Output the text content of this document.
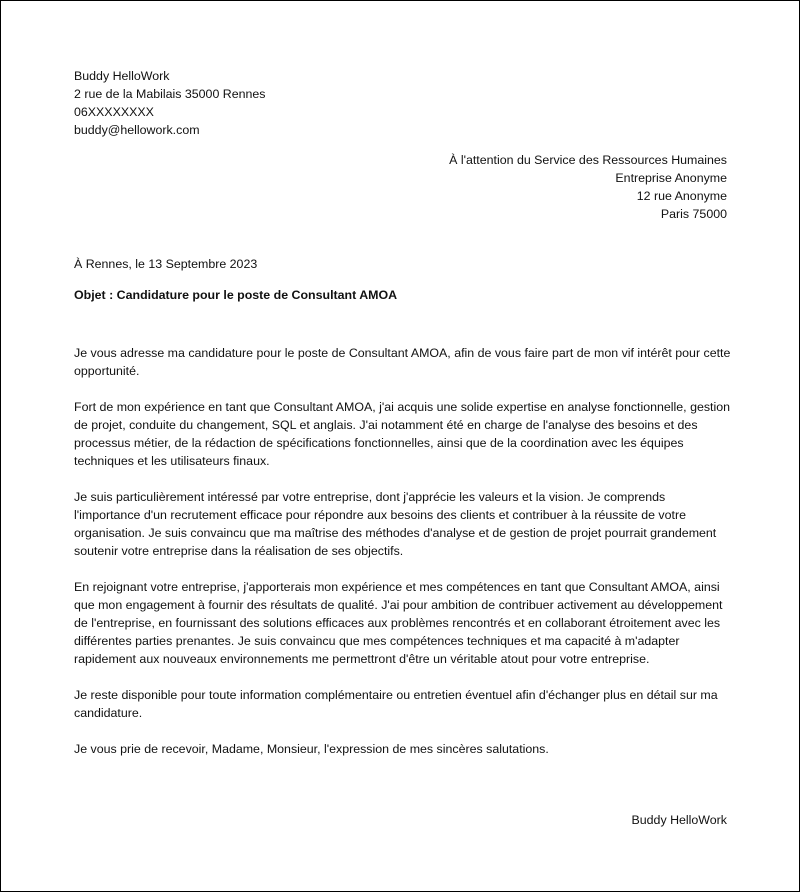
Buddy HelloWork
2 rue de la Mabilais 35000 Rennes
06XXXXXXXX
buddy@hellowork.com
À l'attention du Service des Ressources Humaines
Entreprise Anonyme
12 rue Anonyme
Paris 75000
À Rennes, le 13 Septembre 2023
Objet : Candidature pour le poste de Consultant AMOA

Je vous adresse ma candidature pour le poste de Consultant AMOA, afin de vous faire part de mon vif intérêt pour cette opportunité.

Fort de mon expérience en tant que Consultant AMOA, j'ai acquis une solide expertise en analyse fonctionnelle, gestion de projet, conduite du changement, SQL et anglais. J'ai notamment été en charge de l'analyse des besoins et des processus métier, de la rédaction de spécifications fonctionnelles, ainsi que de la coordination avec les équipes techniques et les utilisateurs finaux.

Je suis particulièrement intéressé par votre entreprise, dont j'apprécie les valeurs et la vision. Je comprends l'importance d'un recrutement efficace pour répondre aux besoins des clients et contribuer à la réussite de votre organisation. Je suis convaincu que ma maîtrise des méthodes d'analyse et de gestion de projet pourrait grandement soutenir votre entreprise dans la réalisation de ses objectifs.

En rejoignant votre entreprise, j'apporterais mon expérience et mes compétences en tant que Consultant AMOA, ainsi que mon engagement à fournir des résultats de qualité. J'ai pour ambition de contribuer activement au développement de l'entreprise, en fournissant des solutions efficaces aux problèmes rencontrés et en collaborant étroitement avec les différentes parties prenantes. Je suis convaincu que mes compétences techniques et ma capacité à m'adapter rapidement aux nouveaux environnements me permettront d'être un véritable atout pour votre entreprise.

Je reste disponible pour toute information complémentaire ou entretien éventuel afin d'échanger plus en détail sur ma candidature.

Je vous prie de recevoir, Madame, Monsieur, l'expression de mes sincères salutations.

Buddy HelloWork
